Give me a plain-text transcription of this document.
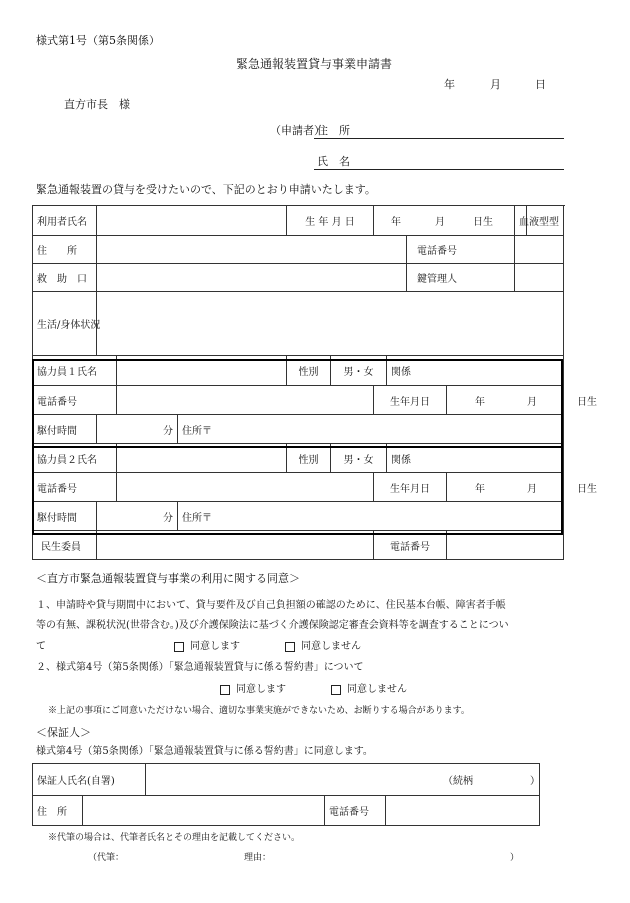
様式第1号（第5条関係）
緊急通報装置貸与事業申請書
年	月	日
直方市長　様
（申請者）
住　所
氏　名
緊急通報装置の貸与を受けたいので、下記のとおり申請いたします。
利用者氏名				生 年 月 日		年 月 日生				血液型	型
住　　所								電話番号			
救　助　口								鍵管理人			
生活/身体状況											
協力員１氏名				性別	男・女		関係				
電話番号						生年月日			年 月 日生		
駆付時間	分		住所〒								
協力員２氏名				性別	男・女		関係				
電話番号						生年月日			年 月 日生		
駆付時間	分		住所〒								
民生委員						電話番号					
＜直方市緊急通報装置貸与事業の利用に関する同意＞
１、申請時や貸与期間中において、貸与要件及び自己負担額の確認のために、住民基本台帳、障害者手帳
等の有無、課税状況(世帯含む。)及び介護保険法に基づく介護保険認定審査会資料等を調査することについ
て	同意します	同意しません
２、様式第4号（第5条関係）「緊急通報装置貸与に係る誓約書」について
同意します	同意しません
※上記の事項にご同意いただけない場合、適切な事業実施ができないため、お断りする場合があります。
＜保証人＞
様式第4号（第5条関係）「緊急通報装置貸与に係る誓約書」に同意します。
保証人氏名(自署)		（続柄 ）		
住　所			電話番号	
※代筆の場合は、代筆者氏名とその理由を記載してください。
（代筆：	理由：	）
